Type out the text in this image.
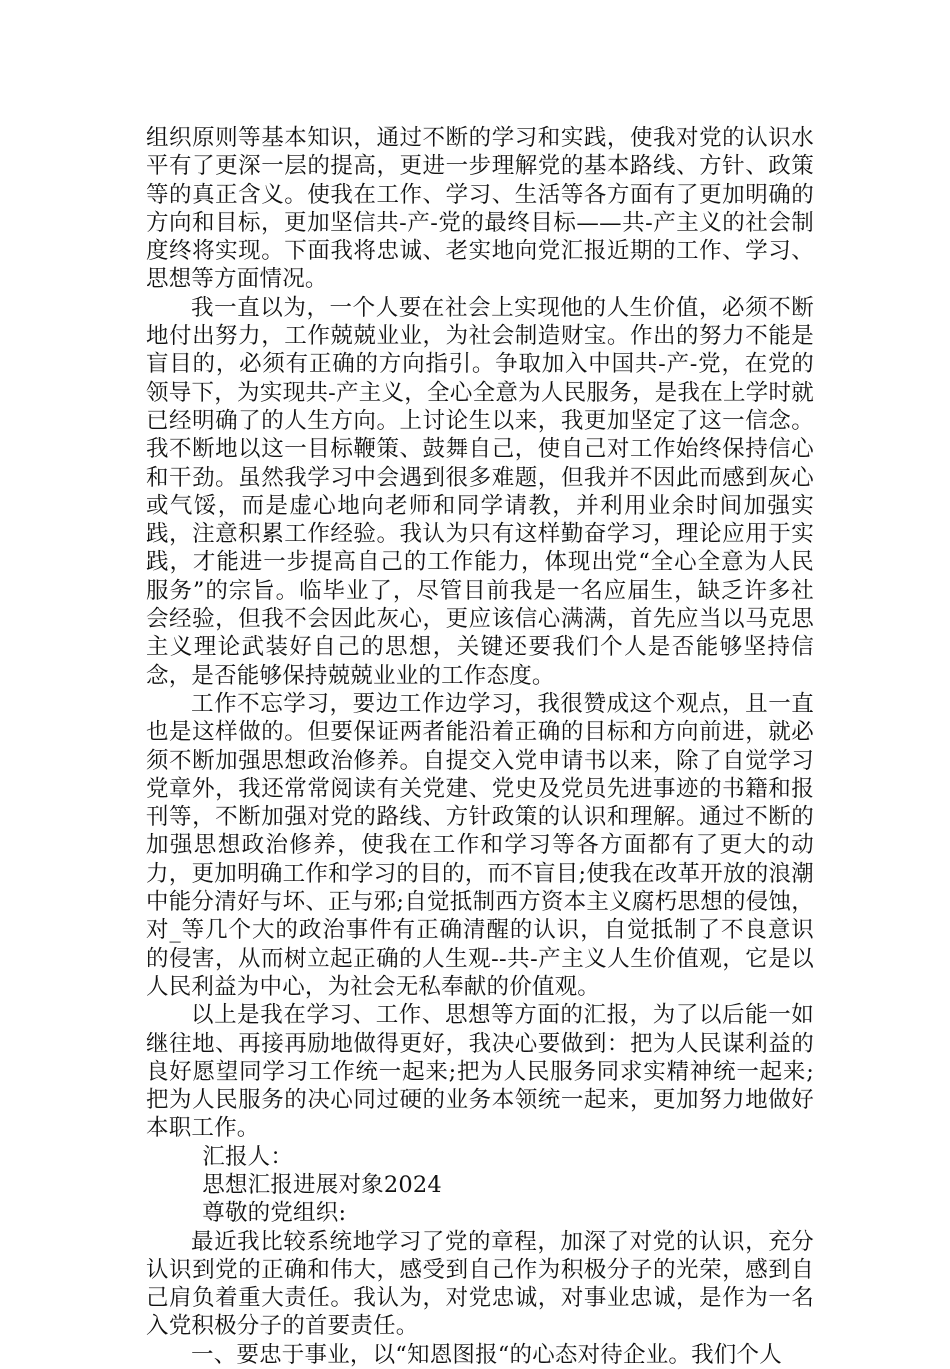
组织原则等基本知识，通过不断的学习和实践，使我对党的认识水平有了更深一层的提高，更进一步理解党的基本路线、方针、政策等的真正含义。使我在工作、学习、生活等各方面有了更加明确的方向和目标，更加坚信共-产-党的最终目标——共-产主义的社会制度终将实现。下面我将忠诚、老实地向党汇报近期的工作、学习、思想等方面情况。

我一直以为，一个人要在社会上实现他的人生价值，必须不断地付出努力，工作兢兢业业，为社会制造财宝。作出的努力不能是盲目的，必须有正确的方向指引。争取加入中国共-产-党，在党的领导下，为实现共-产主义，全心全意为人民服务，是我在上学时就已经明确了的人生方向。上讨论生以来，我更加坚定了这一信念。我不断地以这一目标鞭策、鼓舞自己，使自己对工作始终保持信心和干劲。虽然我学习中会遇到很多难题，但我并不因此而感到灰心或气馁，而是虚心地向老师和同学请教，并利用业余时间加强实践，注意积累工作经验。我认为只有这样勤奋学习，理论应用于实践，才能进一步提高自己的工作能力，体现出党“全心全意为人民服务”的宗旨。临毕业了，尽管目前我是一名应届生，缺乏许多社会经验，但我不会因此灰心，更应该信心满满，首先应当以马克思主义理论武装好自己的思想，关键还要我们个人是否能够坚持信念，是否能够保持兢兢业业的工作态度。

工作不忘学习，要边工作边学习，我很赞成这个观点，且一直也是这样做的。但要保证两者能沿着正确的目标和方向前进，就必须不断加强思想政治修养。自提交入党申请书以来，除了自觉学习党章外，我还常常阅读有关党建、党史及党员先进事迹的书籍和报刊等，不断加强对党的路线、方针政策的认识和理解。通过不断的加强思想政治修养，使我在工作和学习等各方面都有了更大的动力，更加明确工作和学习的目的，而不盲目;使我在改革开放的浪潮中能分清好与坏、正与邪;自觉抵制西方资本主义腐朽思想的侵蚀，对_等几个大的政治事件有正确清醒的认识，自觉抵制了不良意识的侵害，从而树立起正确的人生观--共-产主义人生价值观，它是以人民利益为中心，为社会无私奉献的价值观。

以上是我在学习、工作、思想等方面的汇报，为了以后能一如继往地、再接再励地做得更好，我决心要做到：把为人民谋利益的良好愿望同学习工作统一起来;把为人民服务同求实精神统一起来;把为人民服务的决心同过硬的业务本领统一起来，更加努力地做好本职工作。

汇报人：

思想汇报进展对象2024

尊敬的党组织:

最近我比较系统地学习了党的章程，加深了对党的认识，充分认识到党的正确和伟大，感受到自己作为积极分子的光荣，感到自己肩负着重大责任。我认为，对党忠诚，对事业忠诚，是作为一名入党积极分子的首要责任。

一、要忠于事业，以“知恩图报“的心态对待企业。我们个人
